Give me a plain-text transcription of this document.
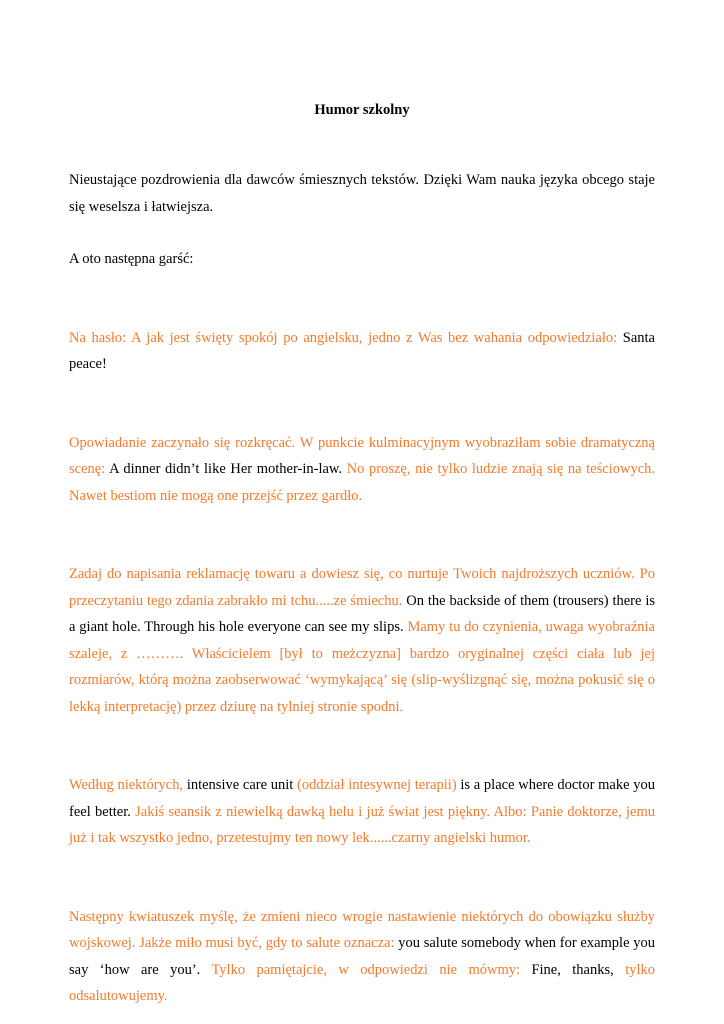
Humor szkolny

Nieustające pozdrowienia dla dawców śmiesznych tekstów. Dzięki Wam nauka języka obcego staje się weselsza i łatwiejsza.

A oto następna garść:

Na hasło: A jak jest święty spokój po angielsku, jedno z Was bez wahania odpowiedziało: Santa peace!

Opowiadanie zaczynało się rozkręcać. W punkcie kulminacyjnym wyobraziłam sobie dramatyczną scenę: A dinner didn’t like Her mother-in-law. No proszę, nie tylko ludzie znają się na teściowych. Nawet bestiom nie mogą one przejść przez gardło.

Zadaj do napisania reklamację towaru a dowiesz się, co nurtuje Twoich najdroższych uczniów. Po przeczytaniu tego zdania zabrakło mi tchu.....ze śmiechu. On the backside of them (trousers) there is a giant hole. Through his hole everyone can see my slips. Mamy tu do czynienia, uwaga wyobraźnia szaleje, z ………. Właścicielem [był to meżczyzna] bardzo oryginalnej części ciała lub jej rozmiarów, którą można zaobserwować ‘wymykającą’ się (slip-wyślizgnąć się, można pokusić się o lekką interpretację) przez dziurę na tylniej stronie spodni.

Według niektórych, intensive care unit (oddział intesywnej terapii) is a place where doctor make you feel better. Jakiś seansik z niewielką dawką helu i już świat jest piękny. Albo: Panie doktorze, jemu już i tak wszystko jedno, przetestujmy ten nowy lek......czarny angielski humor.

Następny kwiatuszek myślę, że zmieni nieco wrogie nastawienie niektórych do obowiązku służby wojskowej. Jakże miło musi być, gdy to salute oznacza: you salute somebody when for example you say ‘how are you’. Tylko pamiętajcie, w odpowiedzi nie mówmy: Fine, thanks, tylko odsalutowujemy.
